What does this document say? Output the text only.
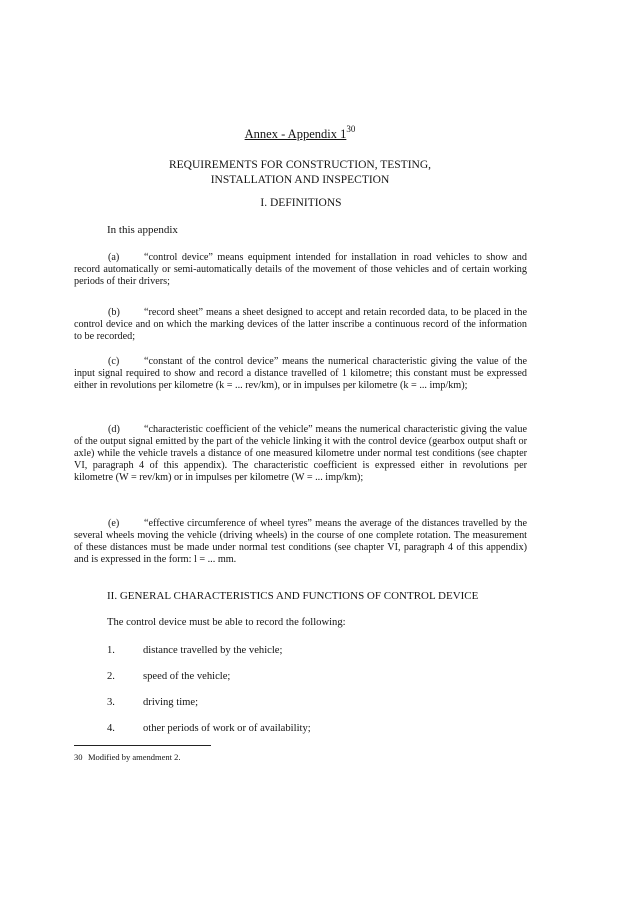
Annex - Appendix $1^{30}$
REQUIREMENTS FOR CONSTRUCTION, TESTING,
INSTALLATION AND INSPECTION
I. DEFINITIONS
In this appendix
(a) “control device” means equipment intended for installation in road vehicles to show and record automatically or semi-automatically details of the movement of those vehicles and of certain working periods of their drivers;
(b) “record sheet” means a sheet designed to accept and retain recorded data, to be placed in the control device and on which the marking devices of the latter inscribe a continuous record of the information to be recorded;
(c) “constant of the control device” means the numerical characteristic giving the value of the input signal required to show and record a distance travelled of 1 kilometre; this constant must be expressed either in revolutions per kilometre (k = ... rev/km), or in impulses per kilometre (k = ... imp/km);
(d) “characteristic coefficient of the vehicle” means the numerical characteristic giving the value of the output signal emitted by the part of the vehicle linking it with the control device (gearbox output shaft or axle) while the vehicle travels a distance of one measured kilometre under normal test conditions (see chapter VI, paragraph 4 of this appendix). The characteristic coefficient is expressed either in revolutions per kilometre (W = rev/km) or in impulses per kilometre (W = ... imp/km);
(e) “effective circumference of wheel tyres” means the average of the distances travelled by the several wheels moving the vehicle (driving wheels) in the course of one complete rotation. The measurement of these distances must be made under normal test conditions (see chapter VI, paragraph 4 of this appendix) and is expressed in the form: l = ... mm.
II. GENERAL CHARACTERISTICS AND FUNCTIONS OF CONTROL DEVICE
The control device must be able to record the following:
1.	distance travelled by the vehicle;
2.	speed of the vehicle;
3.	driving time;
4.	other periods of work or of availability;
30 Modified by amendment 2.
